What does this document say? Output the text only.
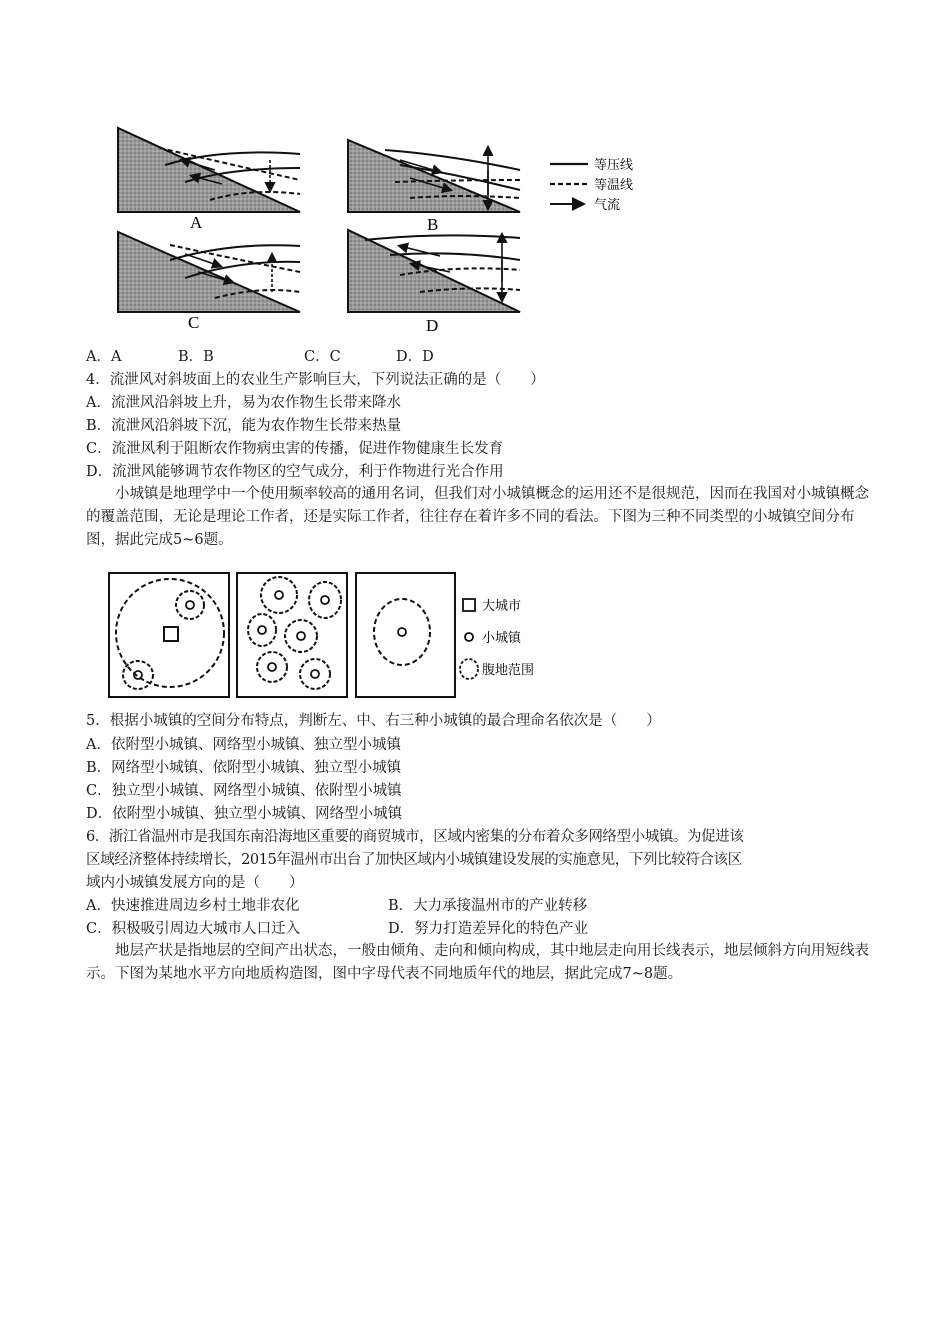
A	B
C	D
等压线
等温线
气流
A．A	B．B	C．C	D．D
4．流泄风对斜坡面上的农业生产影响巨大，下列说法正确的是（　　）
A．流泄风沿斜坡上升，易为农作物生长带来降水
B．流泄风沿斜坡下沉，能为农作物生长带来热量
C．流泄风利于阻断农作物病虫害的传播，促进作物健康生长发育
D．流泄风能够调节农作物区的空气成分，利于作物进行光合作用
小城镇是地理学中一个使用频率较高的通用名词，但我们对小城镇概念的运用还不是很规范，因而在我国对小城镇概念的覆盖范围，无论是理论工作者，还是实际工作者，往往存在着许多不同的看法。下图为三种不同类型的小城镇空间分布图，据此完成5~6题。
大城市
小城镇
腹地范围
5．根据小城镇的空间分布特点，判断左、中、右三种小城镇的最合理命名依次是（　　）
A．依附型小城镇、网络型小城镇、独立型小城镇
B．网络型小城镇、依附型小城镇、独立型小城镇
C．独立型小城镇、网络型小城镇、依附型小城镇
D．依附型小城镇、独立型小城镇、网络型小城镇
6．浙江省温州市是我国东南沿海地区重要的商贸城市，区域内密集的分布着众多网络型小城镇。为促进该
区域经济整体持续增长，2015年温州市出台了加快区域内小城镇建设发展的实施意见，下列比较符合该区
域内小城镇发展方向的是（　　）
A．快速推进周边乡村土地非农化	B．大力承接温州市的产业转移
C．积极吸引周边大城市人口迁入	D．努力打造差异化的特色产业
地层产状是指地层的空间产出状态，一般由倾角、走向和倾向构成，其中地层走向用长线表示，地层倾斜方向用短线表示。下图为某地水平方向地质构造图，图中字母代表不同地质年代的地层，据此完成7~8题。
